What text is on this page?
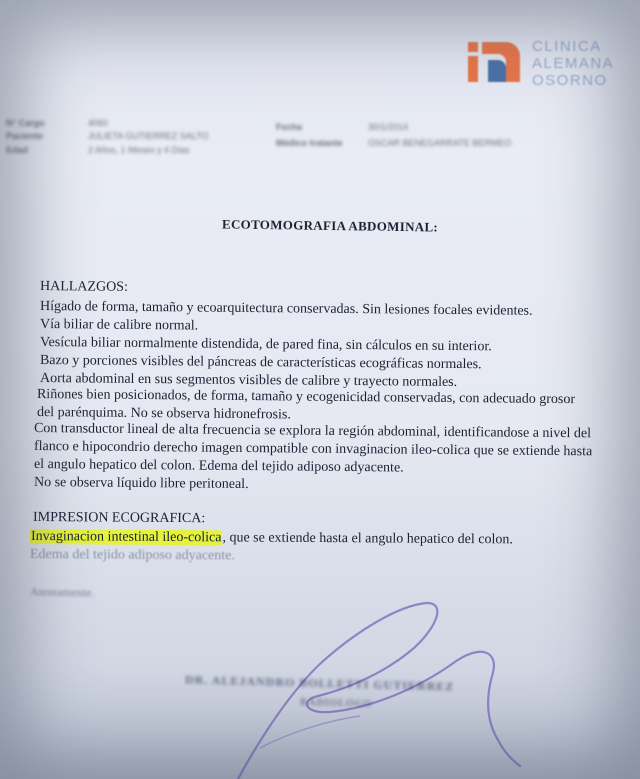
CLINICA
ALEMANA
OSORNO
N° Cargo	4060
Paciente	JULIETA GUTIERREZ SALTO
Edad	2 Años, 1 Meses y 4 Dias
Fecha	30/1/2014
Médico tratante	OSCAR BENEGARRATE BERMEO
ECOTOMOGRAFIA ABDOMINAL:
HALLAZGOS:
Hígado de forma, tamaño y ecoarquitectura conservadas. Sin lesiones focales evidentes.
Vía biliar de calibre normal.
Vesícula biliar normalmente distendida, de pared fina, sin cálculos en su interior.
Bazo y porciones visibles del páncreas de características ecográficas normales.
Aorta abdominal en sus segmentos visibles de calibre y trayecto normales.
Riñones bien posicionados, de forma, tamaño y ecogenicidad conservadas, con adecuado grosor
del parénquima. No se observa hidronefrosis.
Con transductor lineal de alta frecuencia se explora la región abdominal, identificandose a nivel del
flanco e hipocondrio derecho imagen compatible con invaginacion ileo-colica que se extiende hasta
el angulo hepatico del colon. Edema del tejido adiposo adyacente.
No se observa líquido libre peritoneal.
IMPRESION ECOGRAFICA:
Invaginacion intestinal ileo-colica, que se extiende hasta el angulo hepatico del colon.
Edema del tejido adiposo adyacente.
Atentamente.
DR. ALEJANDRO BOLLETTI GUTIERREZ
RADIOLOGO
